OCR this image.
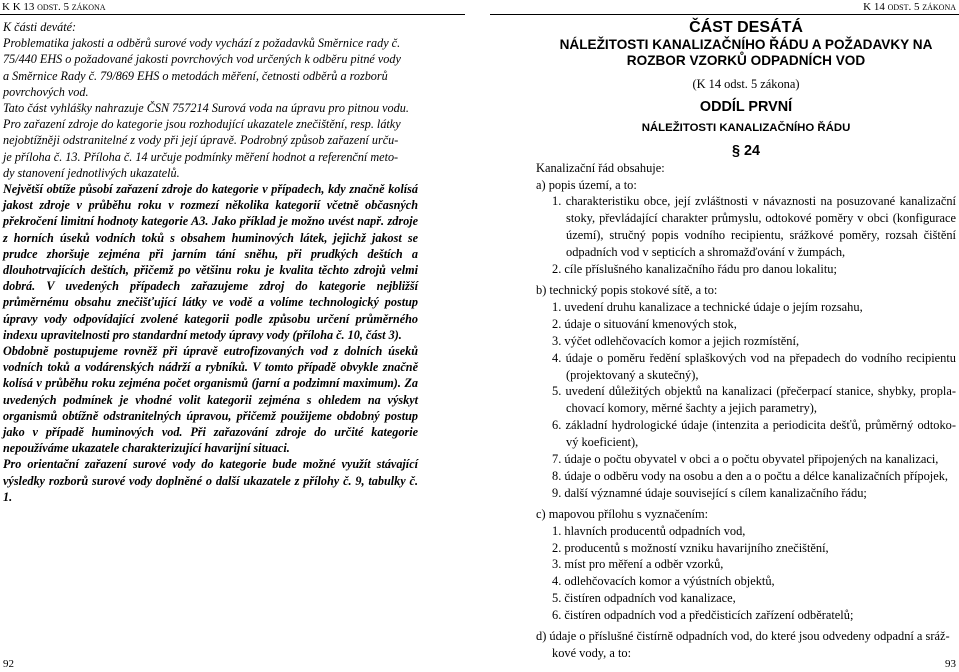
K K 13 odst. 5 zákona	K 14 odst. 5 zákona

K části deváté:

Problematika jakosti a odběrů surové vody vychází z požadavků Směrnice rady č.

75/440 EHS o požadované jakosti povrchových vod určených k odběru pitné vody

a Směrnice Rady č. 79/869 EHS o metodách měření, četnosti odběrů a rozborů

povrchových vod.

Tato část vyhlášky nahrazuje ČSN 757214 Surová voda na úpravu pro pitnou vodu.

Pro zařazení zdroje do kategorie jsou rozhodující ukazatele znečištění, resp. látky

nejobtížněji odstranitelné z vody při její úpravě. Podrobný způsob zařazení urču-

je příloha č. 13. Příloha č. 14 určuje podmínky měření hodnot a referenční meto-

dy stanovení jednotlivých ukazatelů.

Největší obtíže působí zařazení zdroje do kategorie v případech, kdy značně kolísá jakost zdroje v průběhu roku v rozmezí několika kategorií včetně občasných překročení limitní hodnoty kategorie A3. Jako příklad je možno uvést např. zdroje z horních úseků vodních toků s obsahem huminových látek, jejichž jakost se prudce zhoršuje zejména při jarním tání sněhu, při prudkých deštích a dlouhotrvajících deštích, přičemž po většinu roku je kvalita těchto zdrojů velmi dobrá. V uvedených případech zařazujeme zdroj do kategorie nejbližší průměrnému obsahu znečišťující látky ve vodě a volíme technologický postup úpravy vody odpovídající zvolené kategorii podle způsobu určení průměrného indexu upravitelnosti pro standardní metody úpravy vody (příloha č. 10, část 3).

Obdobně postupujeme rovněž při úpravě eutrofizovaných vod z dolních úseků vodních toků a vodárenských nádrží a rybníků. V tomto případě obvykle značně kolísá v průběhu roku zejména počet organismů (jarní a podzimní maximum). Za uvedených podmínek je vhodné volit kategorii zejména s ohledem na výskyt organismů obtížně odstranitelných úpravou, přičemž použijeme obdobný postup jako v případě huminových vod. Při zařazování zdroje do určité kategorie nepoužíváme ukazatele charakterizující havarijní situaci.

Pro orientační zařazení surové vody do kategorie bude možné využít stávající výsledky rozborů surové vody doplněné o další ukazatele z přílohy č. 9, tabulky č. 1.

ČÁST DESÁTÁ
NÁLEŽITOSTI KANALIZAČNÍHO ŘÁDU A POŽADAVKY NA ROZBOR VZORKŮ ODPADNÍCH VOD
(K 14 odst. 5 zákona)
ODDÍL PRVNÍ
NÁLEŽITOSTI KANALIZAČNÍHO ŘÁDU
§ 24

Kanalizační řád obsahuje:

a) popis území, a to:

1. charakteristiku obce, její zvláštnosti v návaznosti na posuzované kanalizační stoky, převládající charakter průmyslu, odtokové poměry v obci (konfigurace území), stručný popis vodního recipientu, srážkové poměry, rozsah čištění odpadních vod v septicích a shromažďování v žumpách,

2. cíle příslušného kanalizačního řádu pro danou lokalitu;

b) technický popis stokové sítě, a to:

1. uvedení druhu kanalizace a technické údaje o jejím rozsahu,

2. údaje o situování kmenových stok,

3. výčet odlehčovacích komor a jejich rozmístění,

4. údaje o poměru ředění splaškových vod na přepadech do vodního recipientu (projektovaný a skutečný),

5. uvedení důležitých objektů na kanalizaci (přečerpací stanice, shybky, propla-chovací komory, měrné šachty a jejich parametry),

6. základní hydrologické údaje (intenzita a periodicita dešťů, průměrný odtoko-vý koeficient),

7. údaje o počtu obyvatel v obci a o počtu obyvatel připojených na kanalizaci,

8. údaje o odběru vody na osobu a den a o počtu a délce kanalizačních přípojek,

9. další významné údaje související s cílem kanalizačního řádu;

c) mapovou přílohu s vyznačením:

1. hlavních producentů odpadních vod,

2. producentů s možností vzniku havarijního znečištění,

3. míst pro měření a odběr vzorků,

4. odlehčovacích komor a výústních objektů,

5. čistíren odpadních vod kanalizace,

6. čistíren odpadních vod a předčisticích zařízení odběratelů;

d) údaje o příslušné čistírně odpadních vod, do které jsou odvedeny odpadní a sráž-

kové vody, a to:

92	93
